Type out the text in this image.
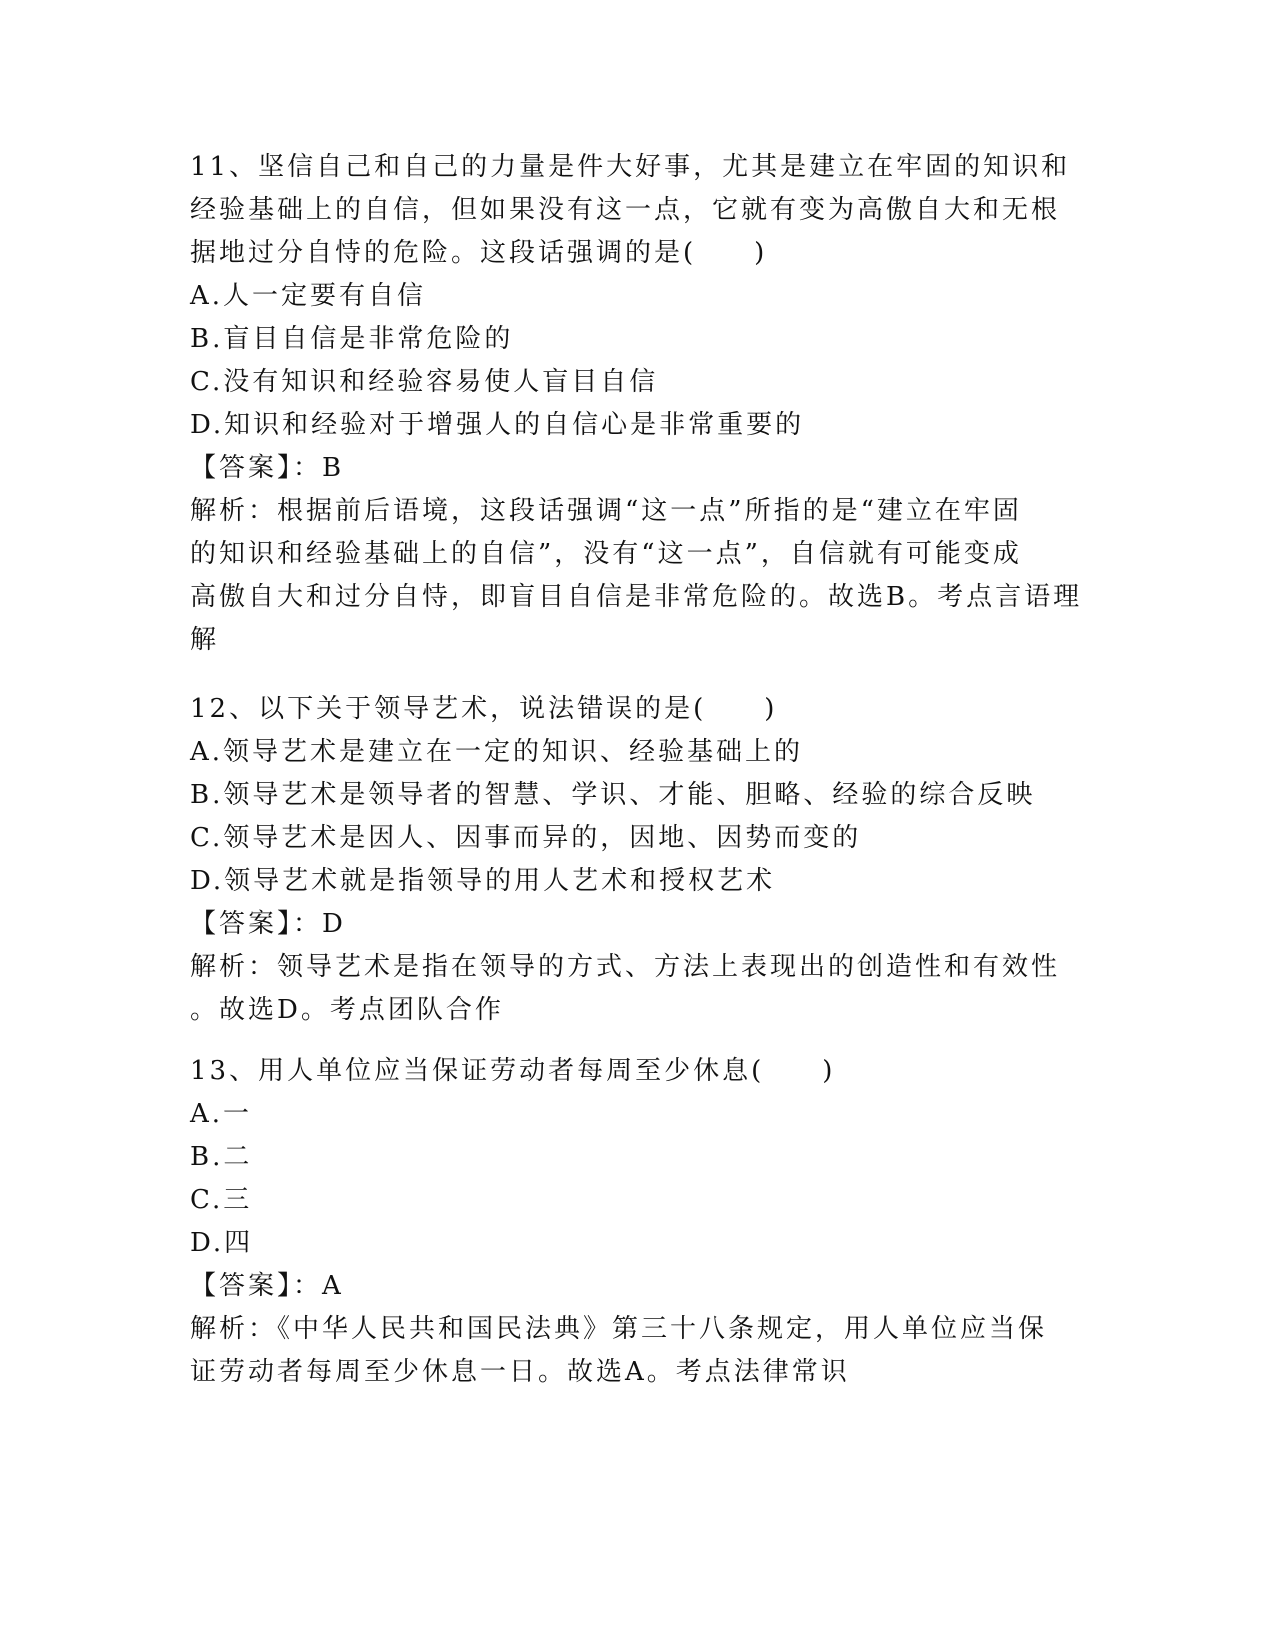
11、坚信自己和自己的力量是件大好事，尤其是建立在牢固的知识和
经验基础上的自信，但如果没有这一点，它就有变为高傲自大和无根
据地过分自恃的危险。这段话强调的是(　　)
A.人一定要有自信
B.盲目自信是非常危险的
C.没有知识和经验容易使人盲目自信
D.知识和经验对于增强人的自信心是非常重要的
【答案】：B
解析：根据前后语境，这段话强调“这一点”所指的是“建立在牢固
的知识和经验基础上的自信”，没有“这一点”，自信就有可能变成
高傲自大和过分自恃，即盲目自信是非常危险的。故选B。考点言语理
解
12、以下关于领导艺术，说法错误的是(　　)
A.领导艺术是建立在一定的知识、经验基础上的
B.领导艺术是领导者的智慧、学识、才能、胆略、经验的综合反映
C.领导艺术是因人、因事而异的，因地、因势而变的
D.领导艺术就是指领导的用人艺术和授权艺术
【答案】：D
解析：领导艺术是指在领导的方式、方法上表现出的创造性和有效性
。故选D。考点团队合作
13、用人单位应当保证劳动者每周至少休息(　　)
A.一
B.二
C.三
D.四
【答案】：A
解析：《中华人民共和国民法典》第三十八条规定，用人单位应当保
证劳动者每周至少休息一日。故选A。考点法律常识
